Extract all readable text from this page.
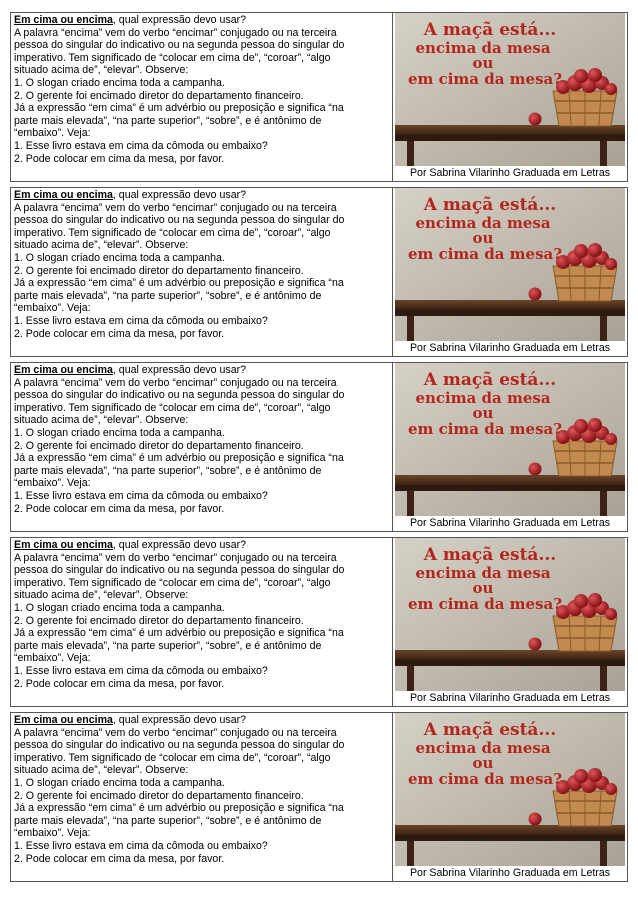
Em cima ou encima, qual expressão devo usar?

A palavra “encima” vem do verbo “encimar” conjugado ou na terceira

pessoa do singular do indicativo ou na segunda pessoa do singular do

imperativo. Tem significado de “colocar em cima de”, “coroar”, “algo

situado acima de”, “elevar”. Observe:

1. O slogan criado encima toda a campanha.

2. O gerente foi encimado diretor do departamento financeiro.

Já a expressão “em cima” é um advérbio ou preposição e significa “na

parte mais elevada”, “na parte superior”, “sobre”, e é antônimo de

“embaixo”. Veja:

1. Esse livro estava em cima da cômoda ou embaixo?

2. Pode colocar em cima da mesa, por favor.

A maçã está...
encima da mesa
ou
em cima da mesa?
Por Sabrina Vilarinho Graduada em Letras
Em cima ou encima, qual expressão devo usar?

A palavra “encima” vem do verbo “encimar” conjugado ou na terceira

pessoa do singular do indicativo ou na segunda pessoa do singular do

imperativo. Tem significado de “colocar em cima de”, “coroar”, “algo

situado acima de”, “elevar”. Observe:

1. O slogan criado encima toda a campanha.

2. O gerente foi encimado diretor do departamento financeiro.

Já a expressão “em cima” é um advérbio ou preposição e significa “na

parte mais elevada”, “na parte superior”, “sobre”, e é antônimo de

“embaixo”. Veja:

1. Esse livro estava em cima da cômoda ou embaixo?

2. Pode colocar em cima da mesa, por favor.

A maçã está...
encima da mesa
ou
em cima da mesa?
Por Sabrina Vilarinho Graduada em Letras
Em cima ou encima, qual expressão devo usar?

A palavra “encima” vem do verbo “encimar” conjugado ou na terceira

pessoa do singular do indicativo ou na segunda pessoa do singular do

imperativo. Tem significado de “colocar em cima de”, “coroar”, “algo

situado acima de”, “elevar”. Observe:

1. O slogan criado encima toda a campanha.

2. O gerente foi encimado diretor do departamento financeiro.

Já a expressão “em cima” é um advérbio ou preposição e significa “na

parte mais elevada”, “na parte superior”, “sobre”, e é antônimo de

“embaixo”. Veja:

1. Esse livro estava em cima da cômoda ou embaixo?

2. Pode colocar em cima da mesa, por favor.

A maçã está...
encima da mesa
ou
em cima da mesa?
Por Sabrina Vilarinho Graduada em Letras
Em cima ou encima, qual expressão devo usar?

A palavra “encima” vem do verbo “encimar” conjugado ou na terceira

pessoa do singular do indicativo ou na segunda pessoa do singular do

imperativo. Tem significado de “colocar em cima de”, “coroar”, “algo

situado acima de”, “elevar”. Observe:

1. O slogan criado encima toda a campanha.

2. O gerente foi encimado diretor do departamento financeiro.

Já a expressão “em cima” é um advérbio ou preposição e significa “na

parte mais elevada”, “na parte superior”, “sobre”, e é antônimo de

“embaixo”. Veja:

1. Esse livro estava em cima da cômoda ou embaixo?

2. Pode colocar em cima da mesa, por favor.

A maçã está...
encima da mesa
ou
em cima da mesa?
Por Sabrina Vilarinho Graduada em Letras
Em cima ou encima, qual expressão devo usar?

A palavra “encima” vem do verbo “encimar” conjugado ou na terceira

pessoa do singular do indicativo ou na segunda pessoa do singular do

imperativo. Tem significado de “colocar em cima de”, “coroar”, “algo

situado acima de”, “elevar”. Observe:

1. O slogan criado encima toda a campanha.

2. O gerente foi encimado diretor do departamento financeiro.

Já a expressão “em cima” é um advérbio ou preposição e significa “na

parte mais elevada”, “na parte superior”, “sobre”, e é antônimo de

“embaixo”. Veja:

1. Esse livro estava em cima da cômoda ou embaixo?

2. Pode colocar em cima da mesa, por favor.

A maçã está...
encima da mesa
ou
em cima da mesa?
Por Sabrina Vilarinho Graduada em Letras
